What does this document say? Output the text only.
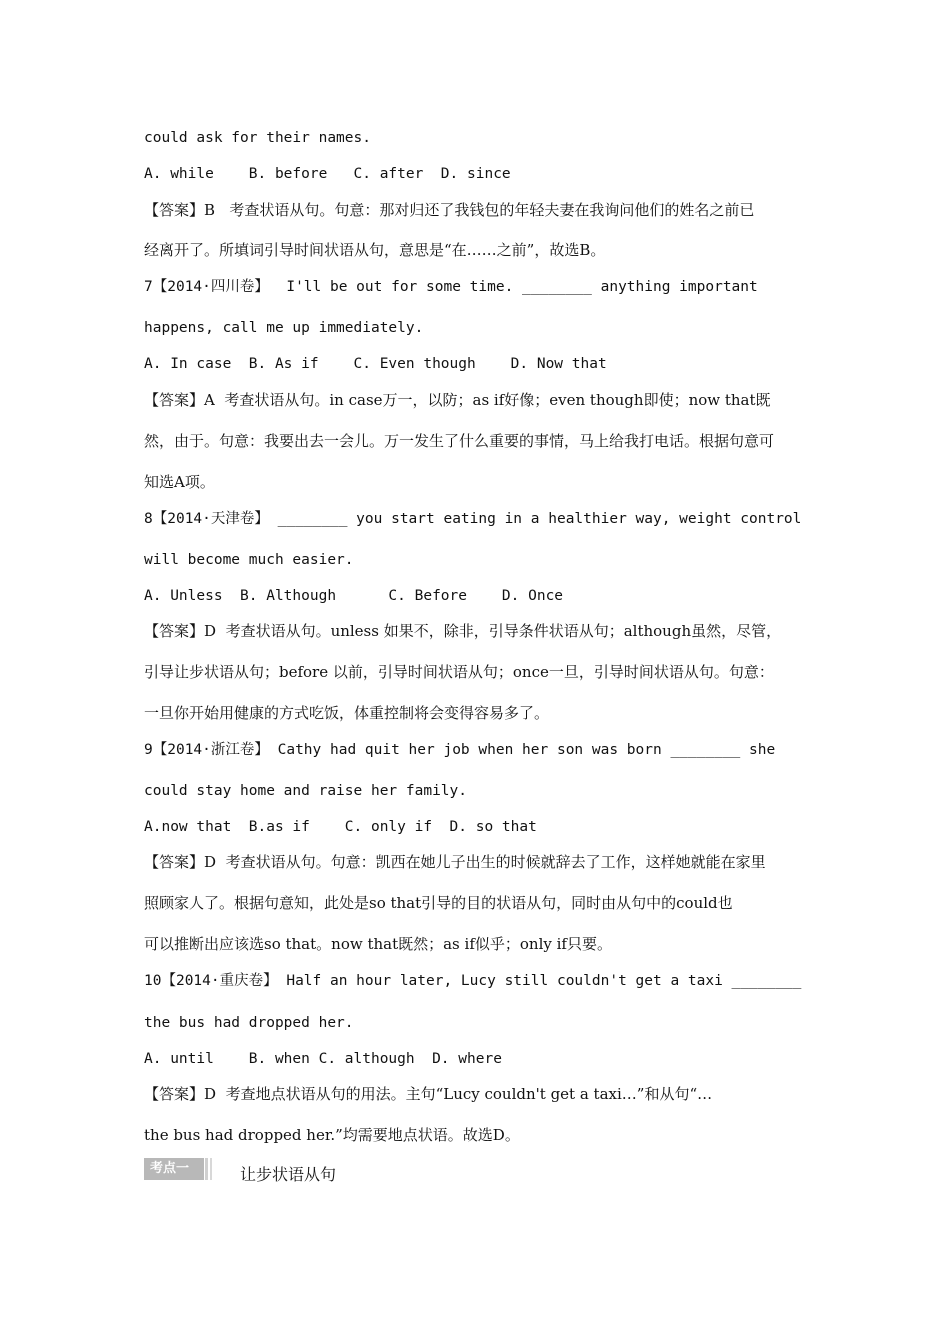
could ask for their names.
A. while    B. before   C. after  D. since
【答案】B   考查状语从句。句意：那对归还了我钱包的年轻夫妻在我询问他们的姓名之前已
经离开了。所填词引导时间状语从句，意思是“在……之前”，故选B。
7【2014·四川卷】  I'll be out for some time. ________ anything important
happens, call me up immediately.
A. In case  B. As if    C. Even though    D. Now that
【答案】A  考查状语从句。in case万一，以防；as if好像；even though即使；now that既
然，由于。句意：我要出去一会儿。万一发生了什么重要的事情，马上给我打电话。根据句意可
知选A项。
8【2014·天津卷】 ________ you start eating in a healthier way, weight control
will become much easier.
A. Unless  B. Although      C. Before    D. Once
【答案】D  考查状语从句。unless 如果不，除非，引导条件状语从句；although虽然，尽管，
引导让步状语从句；before 以前，引导时间状语从句；once一旦，引导时间状语从句。句意：
一旦你开始用健康的方式吃饭，体重控制将会变得容易多了。
9【2014·浙江卷】 Cathy had quit her job when her son was born ________ she
could stay home and raise her family.
A.now that  B.as if    C. only if  D. so that
【答案】D  考查状语从句。句意：凯西在她儿子出生的时候就辞去了工作，这样她就能在家里
照顾家人了。根据句意知，此处是so that引导的目的状语从句，同时由从句中的could也
可以推断出应该选so that。now that既然；as if似乎；only if只要。
10【2014·重庆卷】 Half an hour later, Lucy still couldn't get a taxi ________
the bus had dropped her.
A. until    B. when C. although  D. where
【答案】D  考查地点状语从句的用法。主句“Lucy couldn't get a taxi…”和从句“…
the bus had dropped her.”均需要地点状语。故选D。
考点一	让步状语从句
